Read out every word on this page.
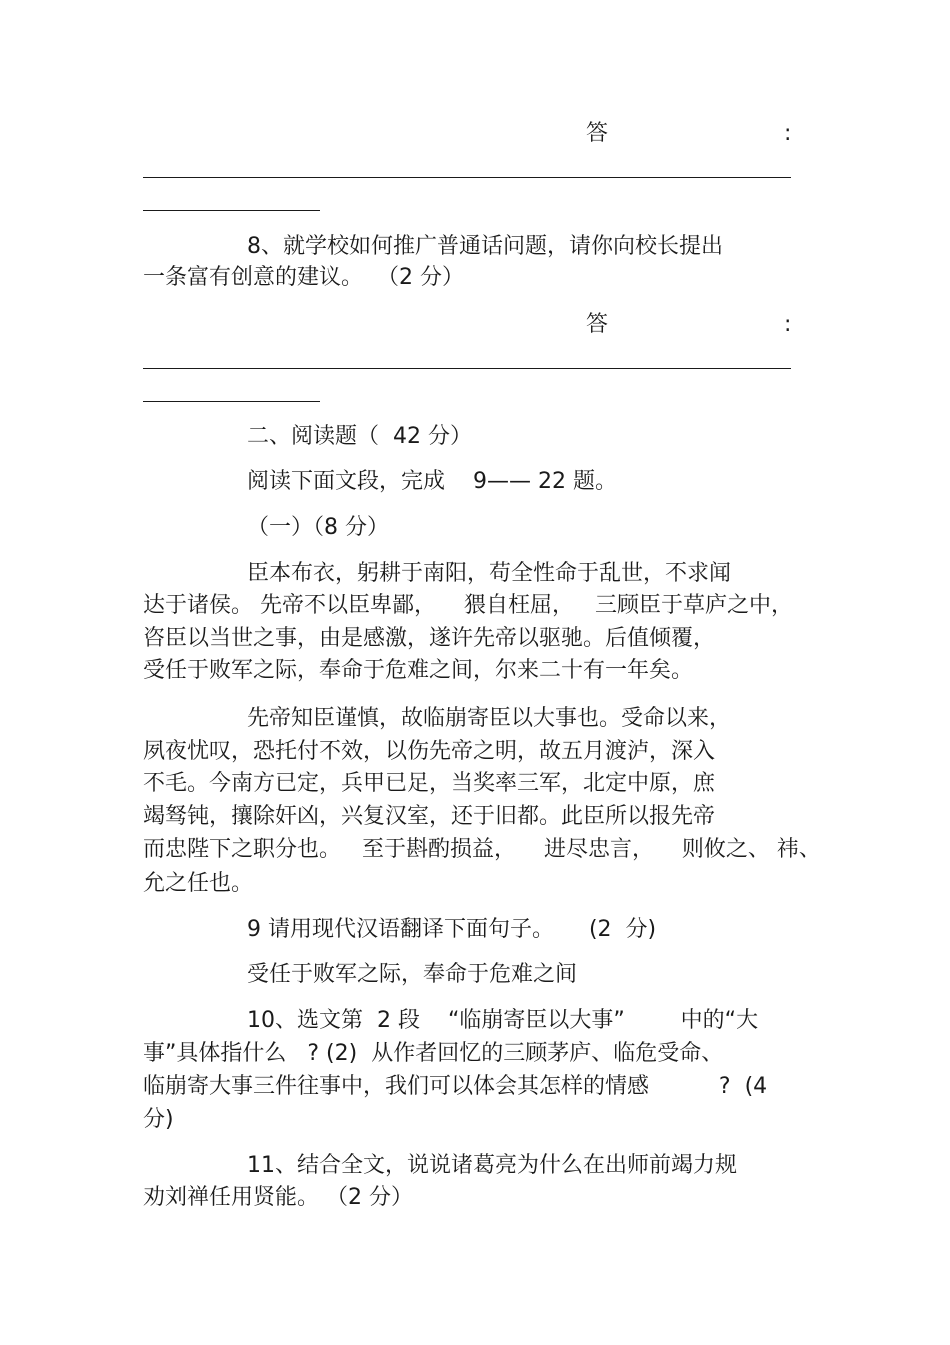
答	:
8、就学校如何推广普通话问题，请你向校长提出
一条富有创意的建议。  （2 分）
答	:
二、阅读题（  42 分）
阅读下面文段，完成    9—— 22 题。
（一）（8 分）
臣本布衣，躬耕于南阳，苟全性命于乱世，不求闻
达于诸侯。 先帝不以臣卑鄙，    猥自枉屈，   三顾臣于草庐之中，
咨臣以当世之事，由是感激，遂许先帝以驱驰。后值倾覆，
受任于败军之际，奉命于危难之间，尔来二十有一年矣。
先帝知臣谨慎，故临崩寄臣以大事也。受命以来，
夙夜忧叹，恐托付不效，以伤先帝之明，故五月渡泸，深入
不毛。今南方已定，兵甲已足，当奖率三军，北定中原，庶
竭驽钝，攘除奸凶，兴复汉室，还于旧都。此臣所以报先帝
而忠陛下之职分也。   至于斟酌损益，    进尽忠言，    则攸之、 祎、
允之任也。
9 请用现代汉语翻译下面句子。     (2  分)
受任于败军之际，奉命于危难之间
10、选文第  2 段    “临崩寄臣以大事”        中的“大
事”具体指什么   ? (2)  从作者回忆的三顾茅庐、临危受命、
临崩寄大事三件往事中，我们可以体会其怎样的情感          ?  (4
分)
11、结合全文，说说诸葛亮为什么在出师前竭力规
劝刘禅任用贤能。 （2 分）
